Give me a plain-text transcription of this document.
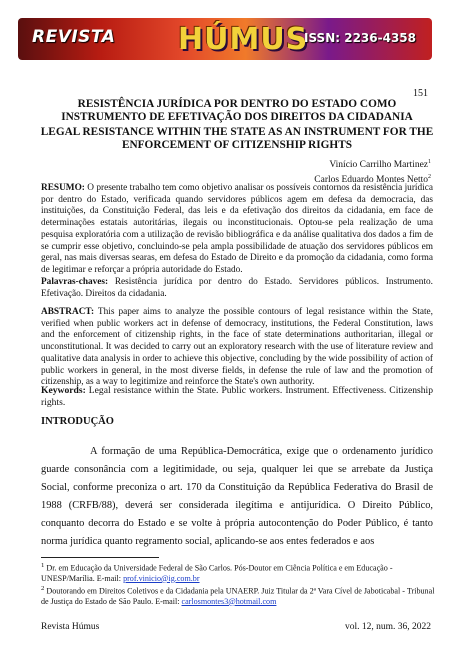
REVISTA HÚMUS
ISSN: 2236-4358
151

RESISTÊNCIA JURÍDICA POR DENTRO DO ESTADO COMO INSTRUMENTO DE EFETIVAÇÃO DOS DIREITOS DA CIDADANIA

LEGAL RESISTANCE WITHIN THE STATE AS AN INSTRUMENT FOR THE ENFORCEMENT OF CITIZENSHIP RIGHTS

Vinício Carrilho Martinez$^1$
Carlos Eduardo Montes Netto$^2$

RESUMO: O presente trabalho tem como objetivo analisar os possíveis contornos da resistência jurídica por dentro do Estado, verificada quando servidores públicos agem em defesa da democracia, das instituições, da Constituição Federal, das leis e da efetivação dos direitos da cidadania, em face de determinações estatais autoritárias, ilegais ou inconstitucionais. Optou-se pela realização de uma pesquisa exploratória com a utilização de revisão bibliográfica e da análise qualitativa dos dados a fim de se cumprir esse objetivo, concluindo-se pela ampla possibilidade de atuação dos servidores públicos em geral, nas mais diversas searas, em defesa do Estado de Direito e da promoção da cidadania, como forma de legitimar e reforçar a própria autoridade do Estado.

Palavras-chaves: Resistência jurídica por dentro do Estado. Servidores públicos. Instrumento. Efetivação. Direitos da cidadania.

ABSTRACT: This paper aims to analyze the possible contours of legal resistance within the State, verified when public workers act in defense of democracy, institutions, the Federal Constitution, laws and the enforcement of citizenship rights, in the face of state determinations authoritarian, illegal or unconstitutional. It was decided to carry out an exploratory research with the use of literature review and qualitative data analysis in order to achieve this objective, concluding by the wide possibility of action of public workers in general, in the most diverse fields, in defense the rule of law and the promotion of citizenship, as a way to legitimize and reinforce the State's own authority.

Keywords: Legal resistance within the State. Public workers. Instrument. Effectiveness. Citizenship rights.

INTRODUÇÃO

A formação de uma República-Democrática, exige que o ordenamento jurídico guarde consonância com a legitimidade, ou seja, qualquer lei que se arrebate da Justiça Social, conforme preconiza o art. 170 da Constituição da República Federativa do Brasil de 1988 (CRFB/88), deverá ser considerada ilegítima e antijurídica. O Direito Público, conquanto decorra do Estado e se volte à própria autocontenção do Poder Público, é tanto norma jurídica quanto regramento social, aplicando-se aos entes federados e aos

$^1$ Dr. em Educação da Universidade Federal de São Carlos. Pós-Doutor em Ciência Política e em Educação - UNESP/Marília. E-mail: prof.vinicio@ig.com.br

$^2$ Doutorando em Direitos Coletivos e da Cidadania pela UNAERP. Juiz Titular da 2ª Vara Cível de Jaboticabal - Tribunal de Justiça do Estado de São Paulo. E-mail: carlosmontes3@hotmail.com

Revista Húmus	vol. 12, num. 36, 2022
